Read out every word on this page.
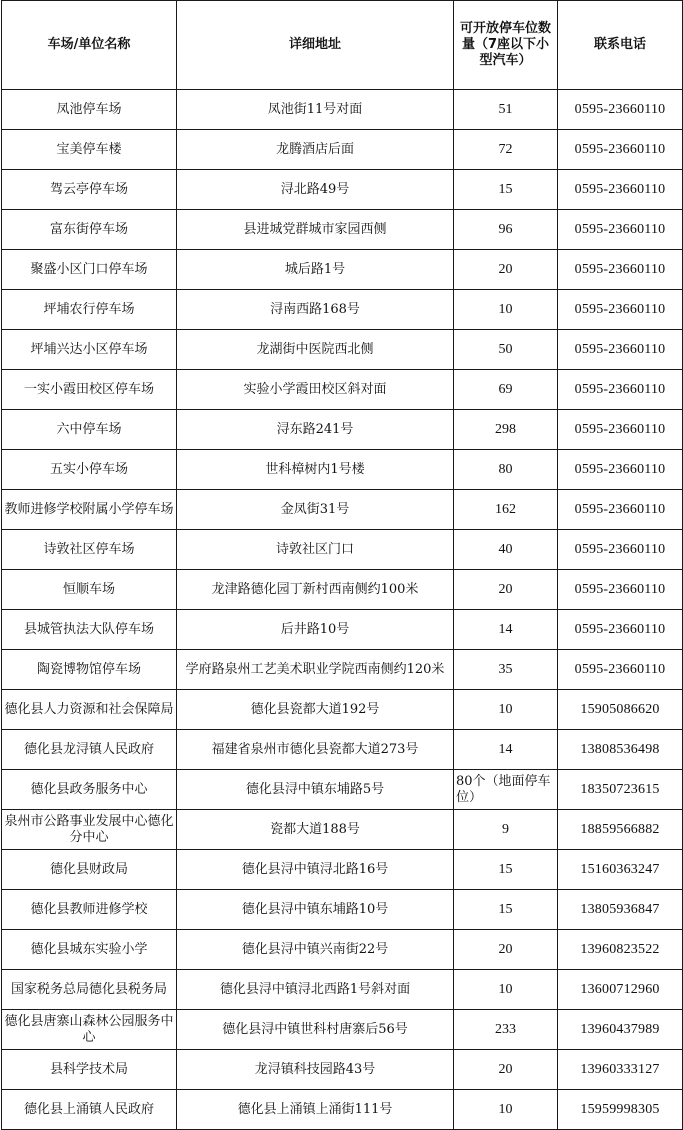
车场/单位名称	详细地址	可开放停车位数量（7座以下小型汽车）	联系电话
凤池停车场	凤池街11号对面	51	0595-23660110
宝美停车楼	龙腾酒店后面	72	0595-23660110
驾云亭停车场	浔北路49号	15	0595-23660110
富东街停车场	县进城党群城市家园西侧	96	0595-23660110
聚盛小区门口停车场	城后路1号	20	0595-23660110
坪埔农行停车场	浔南西路168号	10	0595-23660110
坪埔兴达小区停车场	龙湖街中医院西北侧	50	0595-23660110
一实小霞田校区停车场	实验小学霞田校区斜对面	69	0595-23660110
六中停车场	浔东路241号	298	0595-23660110
五实小停车场	世科樟树内1号楼	80	0595-23660110
教师进修学校附属小学停车场	金凤街31号	162	0595-23660110
诗敦社区停车场	诗敦社区门口	40	0595-23660110
恒顺车场	龙津路德化园丁新村西南侧约100米	20	0595-23660110
县城管执法大队停车场	后井路10号	14	0595-23660110
陶瓷博物馆停车场	学府路泉州工艺美术职业学院西南侧约120米	35	0595-23660110
德化县人力资源和社会保障局	德化县瓷都大道192号	10	15905086620
德化县龙浔镇人民政府	福建省泉州市德化县瓷都大道273号	14	13808536498
德化县政务服务中心	德化县浔中镇东埔路5号	80个（地面停车位）	18350723615
泉州市公路事业发展中心德化分中心	瓷都大道188号	9	18859566882
德化县财政局	德化县浔中镇浔北路16号	15	15160363247
德化县教师进修学校	德化县浔中镇东埔路10号	15	13805936847
德化县城东实验小学	德化县浔中镇兴南街22号	20	13960823522
国家税务总局德化县税务局	德化县浔中镇浔北西路1号斜对面	10	13600712960
德化县唐寨山森林公园服务中心	德化县浔中镇世科村唐寨后56号	233	13960437989
县科学技术局	龙浔镇科技园路43号	20	13960333127
德化县上涌镇人民政府	德化县上涌镇上涌街111号	10	15959998305
